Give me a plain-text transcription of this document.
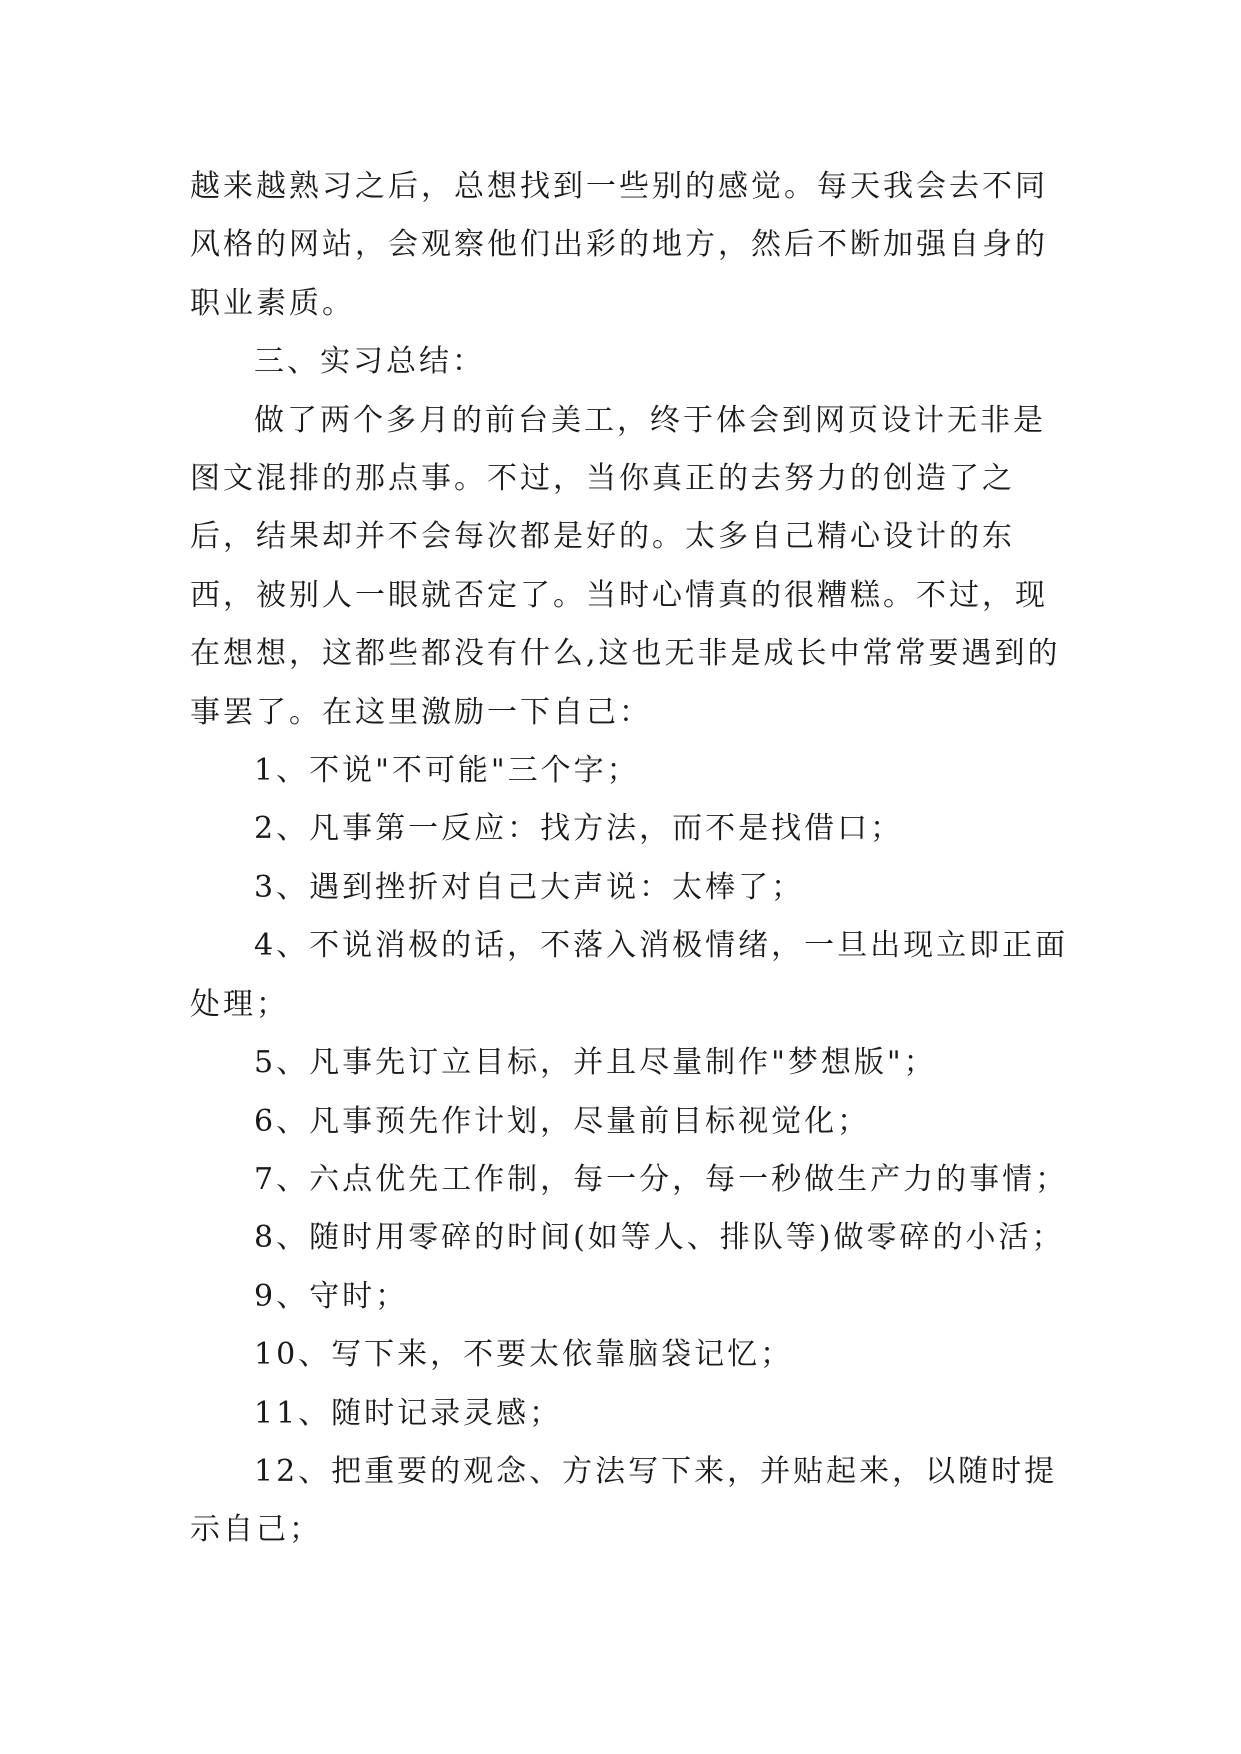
越来越熟习之后，总想找到一些别的感觉。每天我会去不同风格的网站，会观察他们出彩的地方，然后不断加强自身的职业素质。

三、实习总结：

做了两个多月的前台美工，终于体会到网页设计无非是图文混排的那点事。不过，当你真正的去努力的创造了之后，结果却并不会每次都是好的。太多自己精心设计的东西，被别人一眼就否定了。当时心情真的很糟糕。不过，现在想想，这都些都没有什么,这也无非是成长中常常要遇到的事罢了。在这里激励一下自己：

1、不说"不可能"三个字；

2、凡事第一反应：找方法，而不是找借口；

3、遇到挫折对自己大声说：太棒了；

4、不说消极的话，不落入消极情绪，一旦出现立即正面处理；

5、凡事先订立目标，并且尽量制作"梦想版"；

6、凡事预先作计划，尽量前目标视觉化；

7、六点优先工作制，每一分，每一秒做生产力的事情；

8、随时用零碎的时间(如等人、排队等)做零碎的小活；

9、守时；

10、写下来，不要太依靠脑袋记忆；

11、随时记录灵感；

12、把重要的观念、方法写下来，并贴起来，以随时提示自己；
